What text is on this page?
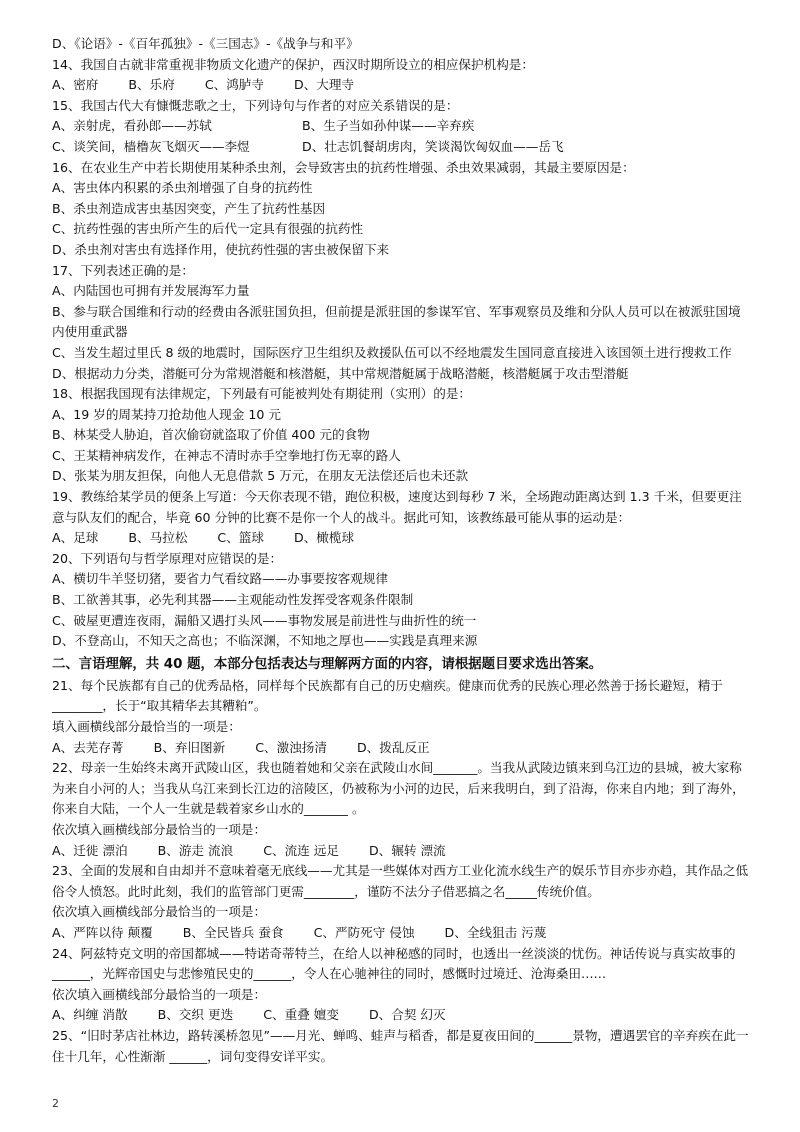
D、《论语》-《百年孤独》-《三国志》-《战争与和平》
14、我国自古就非常重视非物质文化遗产的保护，西汉时期所设立的相应保护机构是：
A、密府 B、乐府 C、鸿胪寺 D、大理寺
15、我国古代大有慷慨悲歌之士，下列诗句与作者的对应关系错误的是：
A、亲射虎，看孙郎——苏轼	B、生子当如孙仲谋——辛弃疾
C、谈笑间，樯橹灰飞烟灭——李煜	D、壮志饥餐胡虏肉，笑谈渴饮匈奴血——岳飞
16、在农业生产中若长期使用某种杀虫剂，会导致害虫的抗药性增强、杀虫效果减弱，其最主要原因是：
A、害虫体内积累的杀虫剂增强了自身的抗药性
B、杀虫剂造成害虫基因突变，产生了抗药性基因
C、抗药性强的害虫所产生的后代一定具有很强的抗药性
D、杀虫剂对害虫有选择作用，使抗药性强的害虫被保留下来
17、下列表述正确的是：
A、内陆国也可拥有并发展海军力量
B、参与联合国维和行动的经费由各派驻国负担，但前提是派驻国的参谋军官、军事观察员及维和分队人员可以在被派驻国境内使用重武器
C、当发生超过里氏 8 级的地震时，国际医疗卫生组织及救援队伍可以不经地震发生国同意直接进入该国领土进行搜救工作
D、根据动力分类，潜艇可分为常规潜艇和核潜艇，其中常规潜艇属于战略潜艇，核潜艇属于攻击型潜艇
18、根据我国现有法律规定，下列最有可能被判处有期徒刑（实刑）的是：
A、19 岁的周某持刀抢劫他人现金 10 元
B、林某受人胁迫，首次偷窃就盗取了价值 400 元的食物
C、王某精神病发作，在神志不清时赤手空拳地打伤无辜的路人
D、张某为朋友担保，向他人无息借款 5 万元，在朋友无法偿还后也未还款
19、教练给某学员的便条上写道：今天你表现不错，跑位积极，速度达到每秒 7 米，全场跑动距离达到 1.3 千米，但要更注意与队友们的配合，毕竟 60 分钟的比赛不是你一个人的战斗。据此可知，该教练最可能从事的运动是：
A、足球 B、马拉松 C、篮球 D、橄榄球
20、下列语句与哲学原理对应错误的是：
A、横切牛羊竖切猪，要省力气看纹路——办事要按客观规律
B、工欲善其事，必先利其器——主观能动性发挥受客观条件限制
C、破屋更遭连夜雨，漏船又遇打头风——事物发展是前进性与曲折性的统一
D、不登高山，不知天之高也；不临深渊，不知地之厚也——实践是真理来源
二、言语理解，共 40 题，本部分包括表达与理解两方面的内容，请根据题目要求选出答案。
21、每个民族都有自己的优秀品格，同样每个民族都有自己的历史痼疾。健康而优秀的民族心理必然善于扬长避短，精于________，长于“取其精华去其糟粕”。
填入画横线部分最恰当的一项是：
A、去芜存菁 B、弃旧图新 C、激浊扬清 D、拨乱反正
22、母亲一生始终未离开武陵山区，我也随着她和父亲在武陵山水间_______。当我从武陵边镇来到乌江边的县城，被大家称为来自小河的人；当我从乌江来到长江边的涪陵区，仍被称为小河的边民，后来我明白，到了沿海，你来自内地；到了海外，你来自大陆，一个人一生就是载着家乡山水的_______ 。
依次填入画横线部分最恰当的一项是：
A、迁徙 漂泊 B、游走 流浪 C、流连 远足 D、辗转 漂流
23、全面的发展和自由却并不意味着毫无底线——尤其是一些媒体对西方工业化流水线生产的娱乐节目亦步亦趋，其作品之低俗令人愤怒。此时此刻，我们的监管部门更需________，谨防不法分子借恶搞之名_____传统价值。
依次填入画横线部分最恰当的一项是：
A、严阵以待 颠覆 B、全民皆兵 蚕食 C、严防死守 侵蚀 D、全线狙击 污蔑
24、阿兹特克文明的帝国都城——特诺奇蒂特兰，在给人以神秘感的同时，也透出一丝淡淡的忧伤。神话传说与真实故事的______，光辉帝国史与悲惨殖民史的______，令人在心驰神往的同时，感慨时过境迁、沧海桑田……
依次填入画横线部分最恰当的一项是：
A、纠缠 消散 B、交织 更迭 C、重叠 嬗变 D、合契 幻灭
25、“旧时茅店社林边，路转溪桥忽见”——月光、蝉鸣、蛙声与稻香，都是夏夜田间的______景物，遭遇罢官的辛弃疾在此一住十几年，心性渐渐 ______，词句变得安详平实。
2
